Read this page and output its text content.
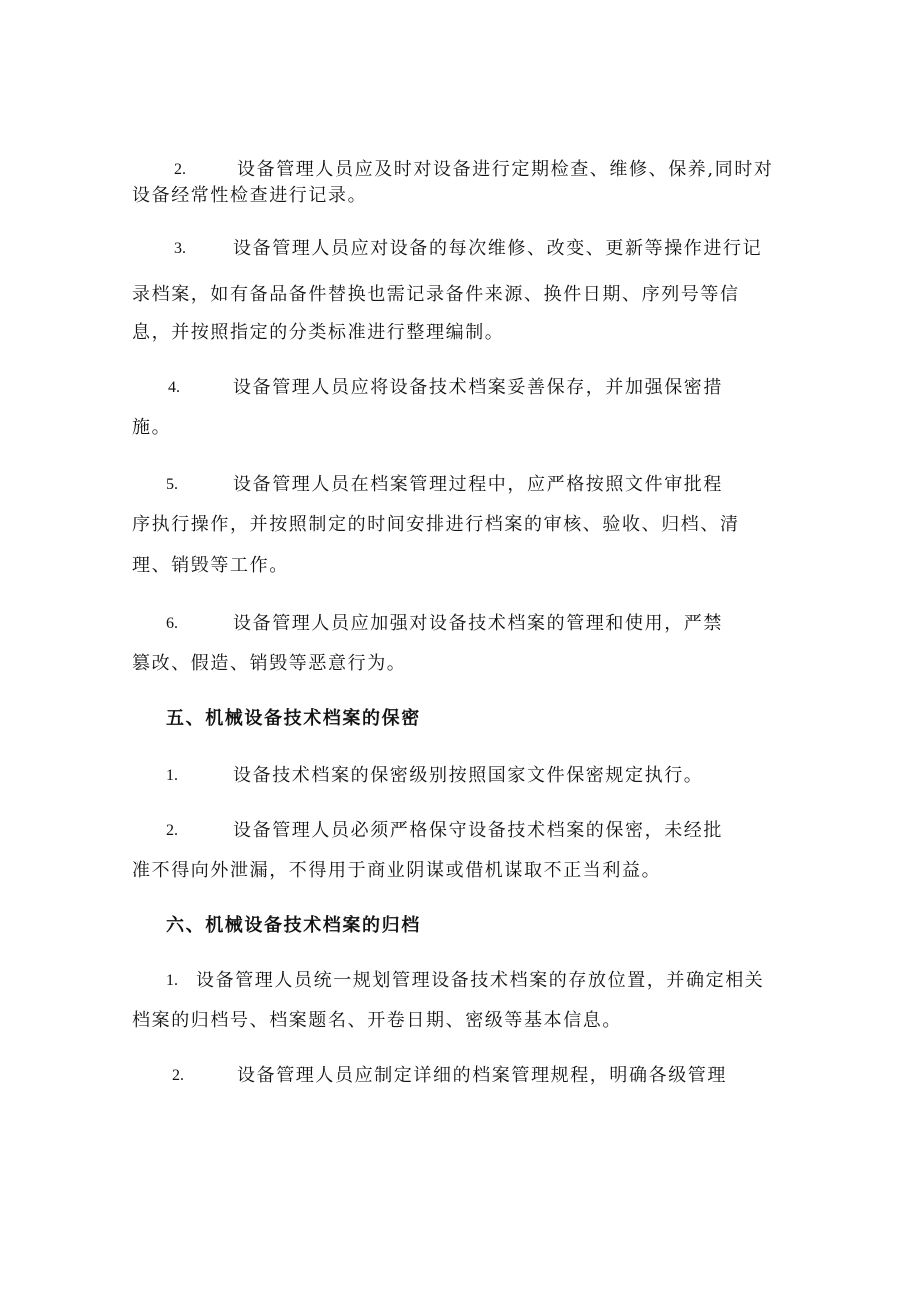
2.	设备管理人员应及时对设备进行定期检查、维修、保养,同时对
设备经常性检查进行记录。
3.	设备管理人员应对设备的每次维修、改变、更新等操作进行记
录档案，如有备品备件替换也需记录备件来源、换件日期、序列号等信
息，并按照指定的分类标准进行整理编制。
4.	设备管理人员应将设备技术档案妥善保存，并加强保密措
施。
5.	设备管理人员在档案管理过程中，应严格按照文件审批程
序执行操作，并按照制定的时间安排进行档案的审核、验收、归档、清
理、销毁等工作。
6.	设备管理人员应加强对设备技术档案的管理和使用，严禁
篡改、假造、销毁等恶意行为。
五、机械设备技术档案的保密
1.	设备技术档案的保密级别按照国家文件保密规定执行。
2.	设备管理人员必须严格保守设备技术档案的保密，未经批
准不得向外泄漏，不得用于商业阴谋或借机谋取不正当利益。
六、机械设备技术档案的归档
1. 设备管理人员统一规划管理设备技术档案的存放位置，并确定相关
档案的归档号、档案题名、开卷日期、密级等基本信息。
2.	设备管理人员应制定详细的档案管理规程，明确各级管理
